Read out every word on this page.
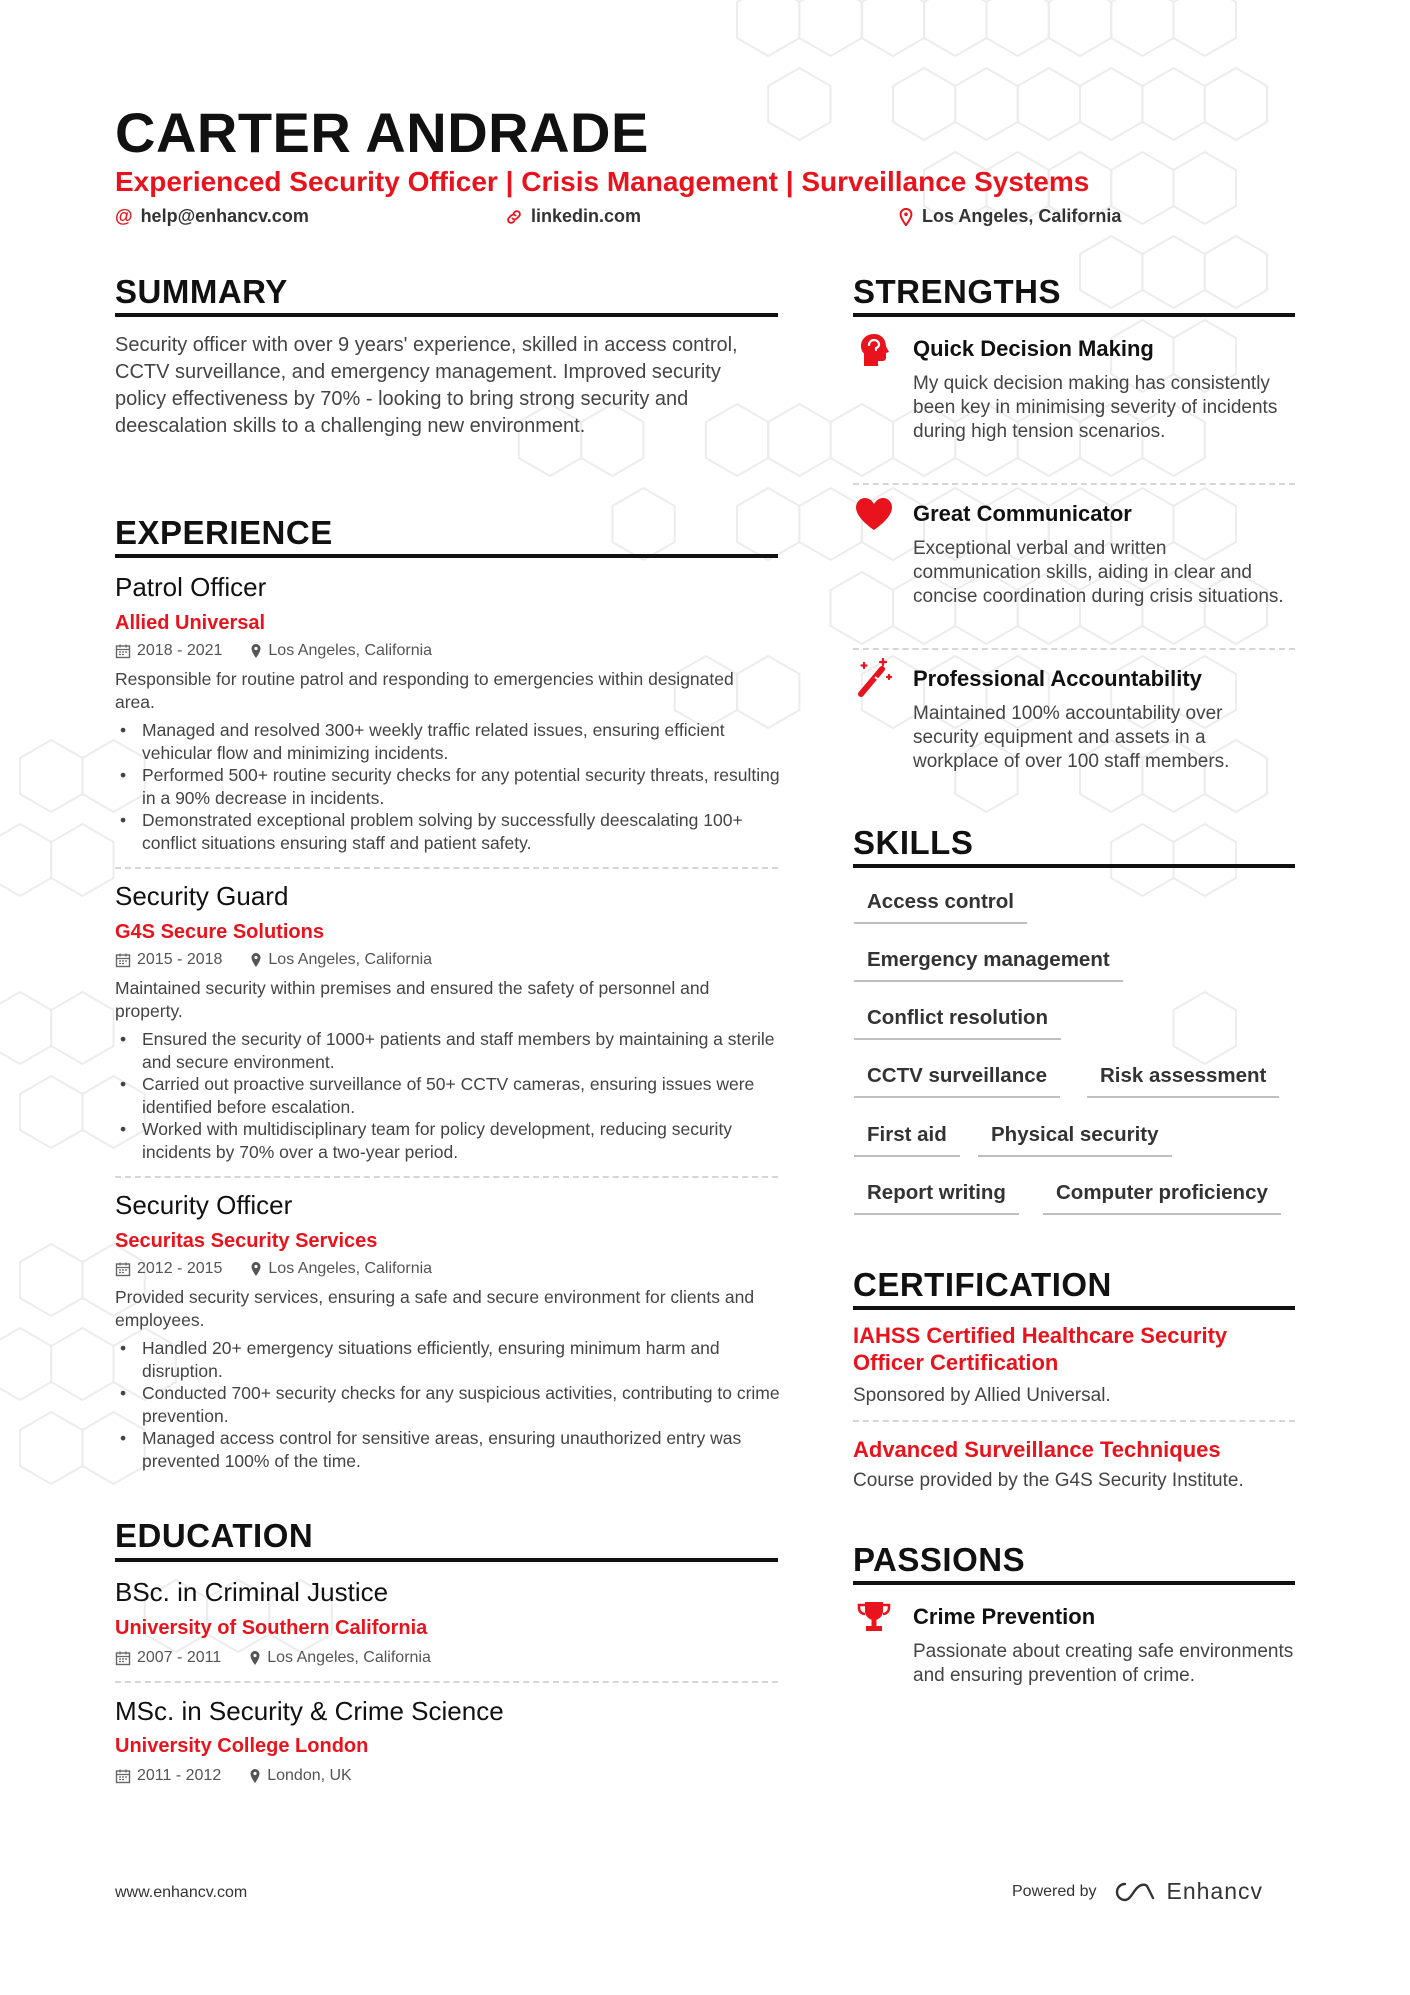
CARTER ANDRADE
Experienced Security Officer | Crisis Management | Surveillance Systems
@ help@enhancv.com	linkedin.com	Los Angeles, California
SUMMARY
Security officer with over 9 years' experience, skilled in access control, CCTV surveillance, and emergency management. Improved security policy effectiveness by 70% - looking to bring strong security and deescalation skills to a challenging new environment.
EXPERIENCE
Patrol Officer
Allied Universal
2018 - 2021	Los Angeles, California
Responsible for routine patrol and responding to emergencies within designated area.
• Managed and resolved 300+ weekly traffic related issues, ensuring efficient vehicular flow and minimizing incidents.
• Performed 500+ routine security checks for any potential security threats, resulting in a 90% decrease in incidents.
• Demonstrated exceptional problem solving by successfully deescalating 100+ conflict situations ensuring staff and patient safety.
Security Guard
G4S Secure Solutions
2015 - 2018	Los Angeles, California
Maintained security within premises and ensured the safety of personnel and property.
• Ensured the security of 1000+ patients and staff members by maintaining a sterile and secure environment.
• Carried out proactive surveillance of 50+ CCTV cameras, ensuring issues were identified before escalation.
• Worked with multidisciplinary team for policy development, reducing security incidents by 70% over a two-year period.
Security Officer
Securitas Security Services
2012 - 2015	Los Angeles, California
Provided security services, ensuring a safe and secure environment for clients and employees.
• Handled 20+ emergency situations efficiently, ensuring minimum harm and disruption.
• Conducted 700+ security checks for any suspicious activities, contributing to crime prevention.
• Managed access control for sensitive areas, ensuring unauthorized entry was prevented 100% of the time.
EDUCATION
BSc. in Criminal Justice
University of Southern California
2007 - 2011	Los Angeles, California
MSc. in Security & Crime Science
University College London
2011 - 2012	London, UK
STRENGTHS
Quick Decision Making
My quick decision making has consistently been key in minimising severity of incidents during high tension scenarios.
Great Communicator
Exceptional verbal and written communication skills, aiding in clear and concise coordination during crisis situations.
Professional Accountability
Maintained 100% accountability over security equipment and assets in a workplace of over 100 staff members.
SKILLS
Access control
Emergency management
Conflict resolution
CCTV surveillance	Risk assessment
First aid	Physical security
Report writing	Computer proficiency
CERTIFICATION
IAHSS Certified Healthcare Security Officer Certification
Sponsored by Allied Universal.
Advanced Surveillance Techniques
Course provided by the G4S Security Institute.
PASSIONS
Crime Prevention
Passionate about creating safe environments and ensuring prevention of crime.
www.enhancv.com	Powered by	Enhancv
